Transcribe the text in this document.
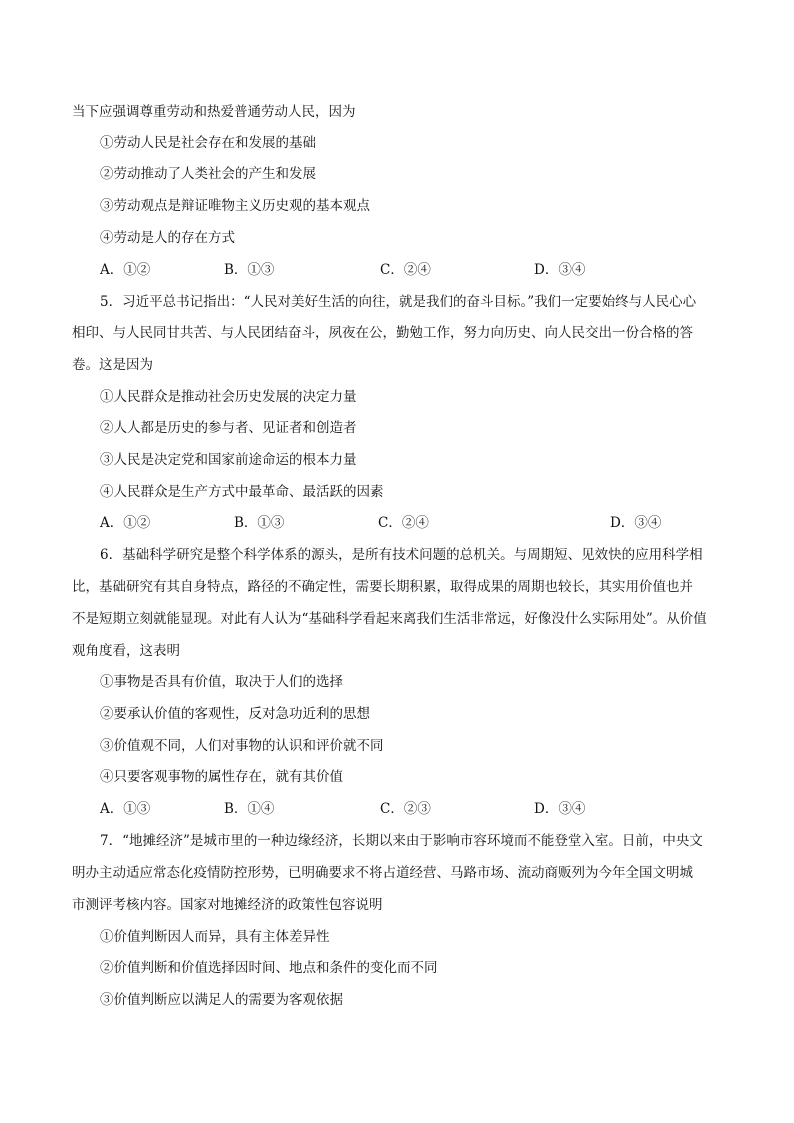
当下应强调尊重劳动和热爱普通劳动人民，因为
①劳动人民是社会存在和发展的基础
②劳动推动了人类社会的产生和发展
③劳动观点是辩证唯物主义历史观的基本观点
④劳动是人的存在方式
A．①②	B．①③	C．②④	D．③④
5．习近平总书记指出：“人民对美好生活的向往，就是我们的奋斗目标。”我们一定要始终与人民心心
相印、与人民同甘共苦、与人民团结奋斗，夙夜在公，勤勉工作，努力向历史、向人民交出一份合格的答
卷。这是因为
①人民群众是推动社会历史发展的决定力量
②人人都是历史的参与者、见证者和创造者
③人民是决定党和国家前途命运的根本力量
④人民群众是生产方式中最革命、最活跃的因素
A．①②	B．①③	C．②④	D．③④
6．基础科学研究是整个科学体系的源头，是所有技术问题的总机关。与周期短、见效快的应用科学相
比，基础研究有其自身特点，路径的不确定性，需要长期积累，取得成果的周期也较长，其实用价值也并
不是短期立刻就能显现。对此有人认为“基础科学看起来离我们生活非常远，好像没什么实际用处”。从价值
观角度看，这表明
①事物是否具有价值，取决于人们的选择
②要承认价值的客观性，反对急功近利的思想
③价值观不同，人们对事物的认识和评价就不同
④只要客观事物的属性存在，就有其价值
A．①③	B．①④	C．②③	D．③④
7．“地摊经济”是城市里的一种边缘经济，长期以来由于影响市容环境而不能登堂入室。日前，中央文
明办主动适应常态化疫情防控形势，已明确要求不将占道经营、马路市场、流动商贩列为今年全国文明城
市测评考核内容。国家对地摊经济的政策性包容说明
①价值判断因人而异，具有主体差异性
②价值判断和价值选择因时间、地点和条件的变化而不同
③价值判断应以满足人的需要为客观依据
